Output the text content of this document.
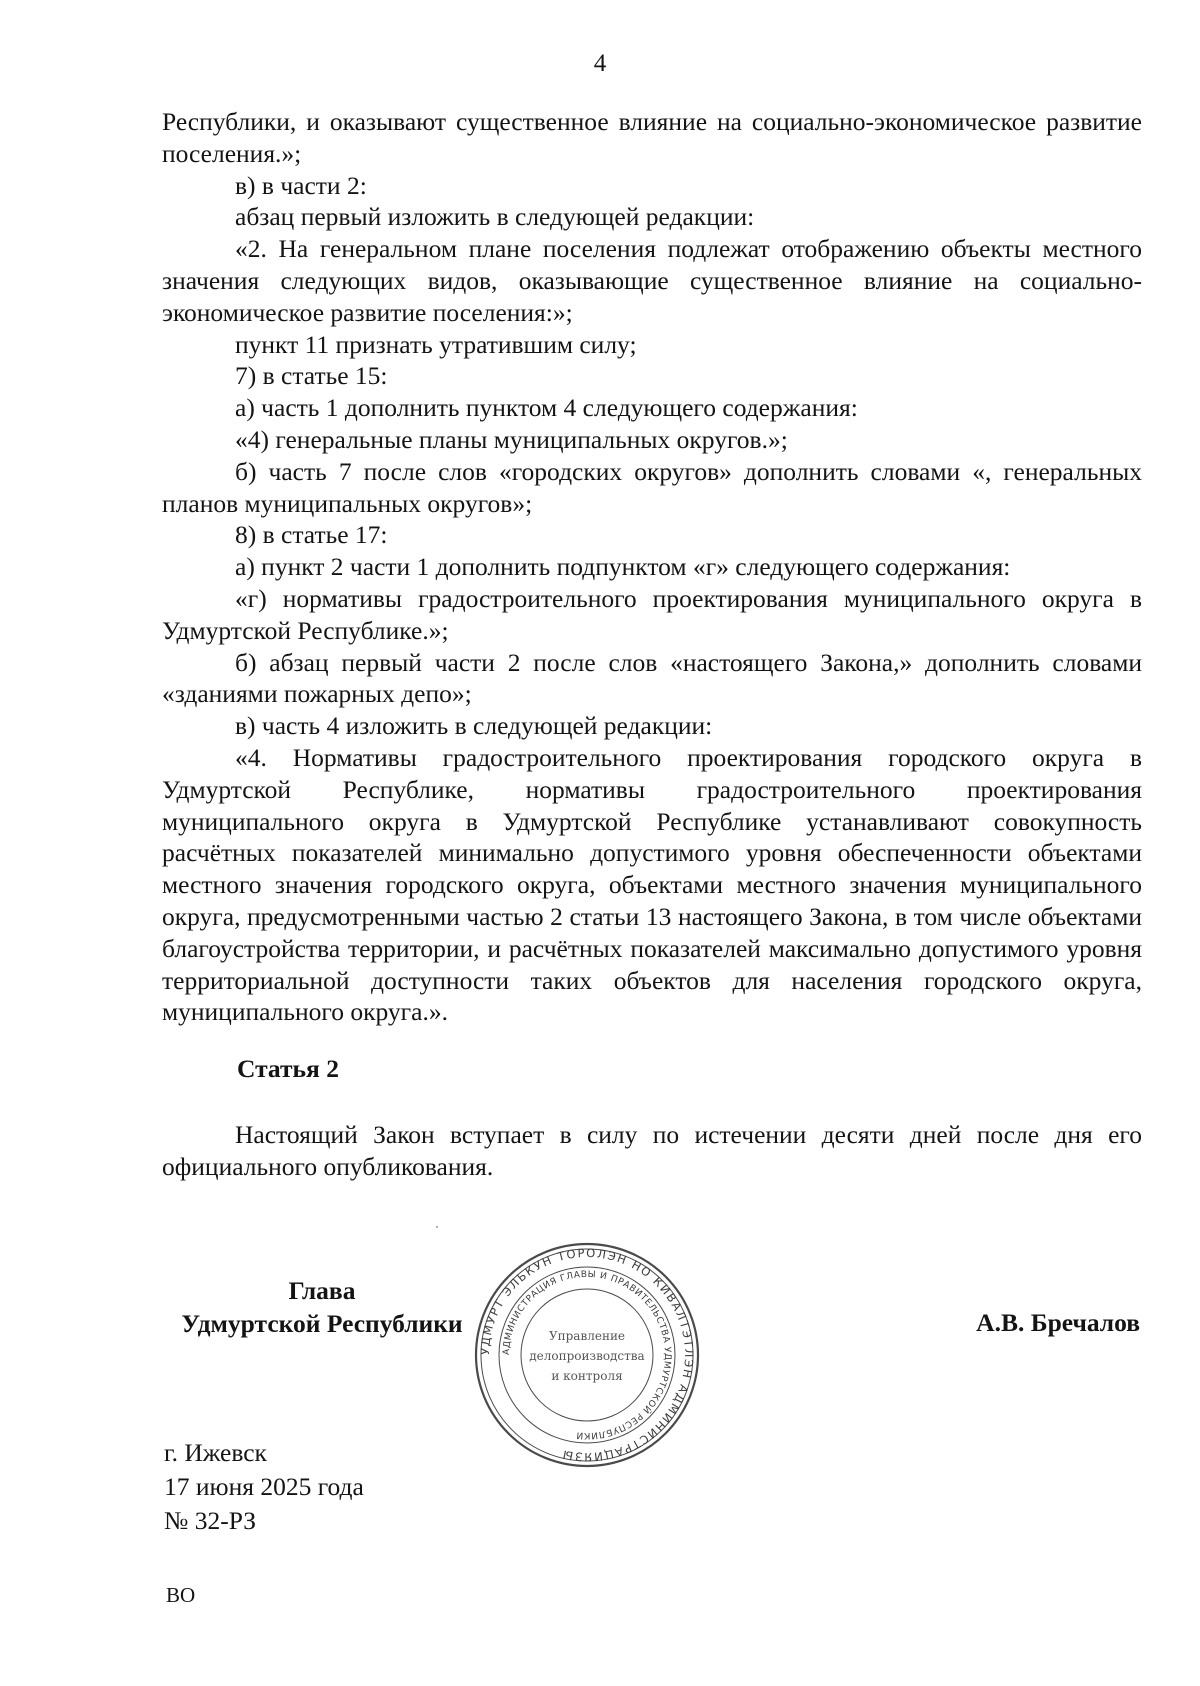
4

Республики, и оказывают существенное влияние на социально-экономическое развитие поселения.»;

в) в части 2:

абзац первый изложить в следующей редакции:

«2. На генеральном плане поселения подлежат отображению объекты местного значения следующих видов, оказывающие существенное влияние на социально-экономическое развитие поселения:»;

пункт 11 признать утратившим силу;

7) в статье 15:

а) часть 1 дополнить пунктом 4 следующего содержания:

«4) генеральные планы муниципальных округов.»;

б) часть 7 после слов «городских округов» дополнить словами «, генеральных планов муниципальных округов»;

8) в статье 17:

а) пункт 2 части 1 дополнить подпунктом «г» следующего содержания:

«г) нормативы градостроительного проектирования муниципального округа в Удмуртской Республике.»;

б) абзац первый части 2 после слов «настоящего Закона,» дополнить словами «зданиями пожарных депо»;

в) часть 4 изложить в следующей редакции:

«4. Нормативы градостроительного проектирования городского округа в Удмуртской Республике, нормативы градостроительного проектирования муниципального округа в Удмуртской Республике устанавливают совокупность расчётных показателей минимально допустимого уровня обеспеченности объектами местного значения городского округа, объектами местного значения муниципального округа, предусмотренными частью 2 статьи 13 настоящего Закона, в том числе объектами благоустройства территории, и расчётных показателей максимально допустимого уровня территориальной доступности таких объектов для населения городского округа, муниципального округа.».

Статья 2

Настоящий Закон вступает в силу по истечении десяти дней после дня его официального опубликования.

Глава
Удмуртской Республики
УДМУРТ ЭЛЬКУН ТОРОЛЭН НО КИВАЛТЭТЛЭН АДМИНИСТРАЦИЯЗЫ
АДМИНИСТРАЦИЯ ГЛАВЫ И ПРАВИТЕЛЬСТВА УДМУРТСКОЙ РЕСПУБЛИКИ
Управление
делопроизводства
и контроля
А.В. Бречалов
г. Ижевск
17 июня 2025 года
№ 32-РЗ
ВО
